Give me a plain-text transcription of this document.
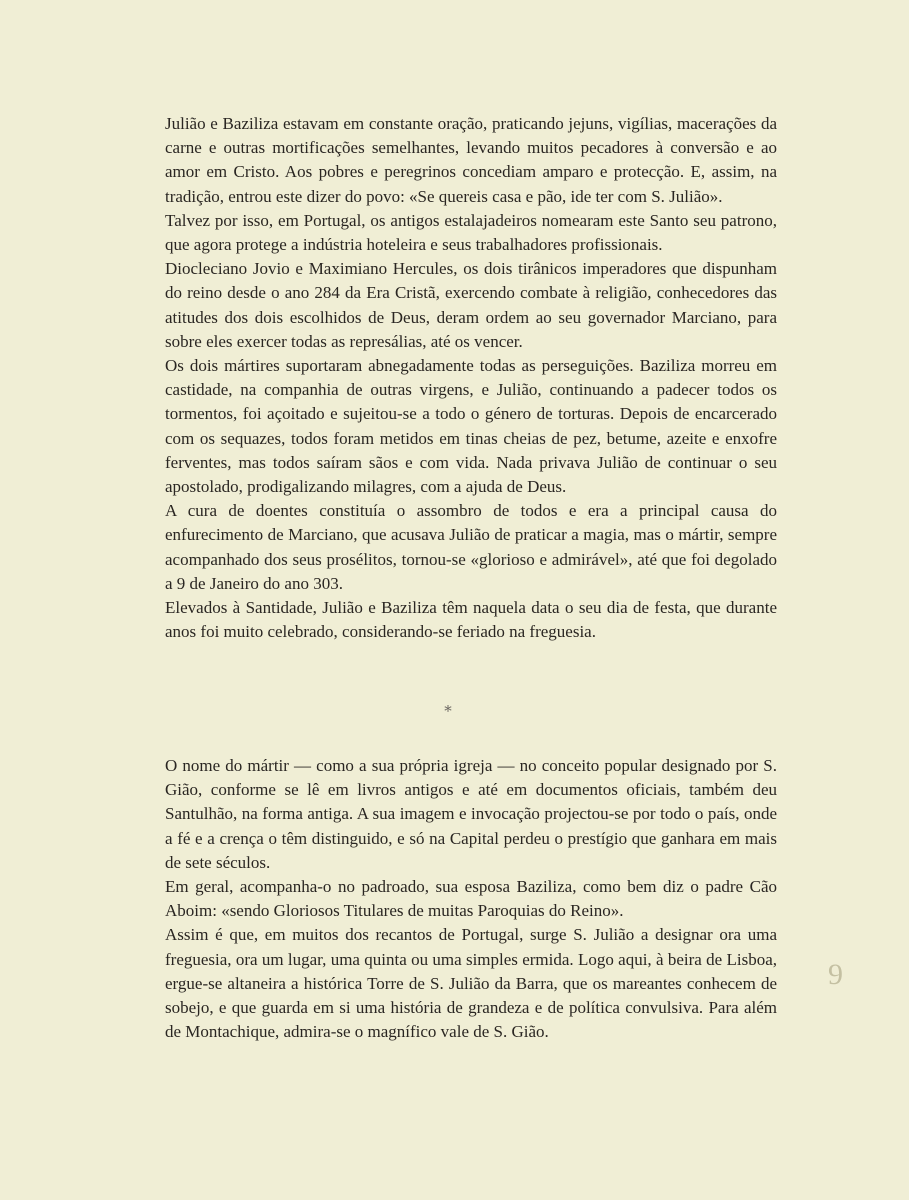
Julião e Baziliza estavam em constante oração, praticando jejuns, vigílias, macerações da carne e outras mortificações semelhantes, levando muitos pecadores à conversão e ao amor em Cristo. Aos pobres e peregrinos concediam amparo e protecção. E, assim, na tradição, entrou este dizer do povo: «Se quereis casa e pão, ide ter com S. Julião».

Talvez por isso, em Portugal, os antigos estalajadeiros nomearam este Santo seu patrono, que agora protege a indústria hoteleira e seus trabalhadores profissionais.

Diocleciano Jovio e Maximiano Hercules, os dois tirânicos imperadores que dispunham do reino desde o ano 284 da Era Cristã, exercendo combate à religião, conhecedores das atitudes dos dois escolhidos de Deus, deram ordem ao seu governador Marciano, para sobre eles exercer todas as represálias, até os vencer.

Os dois mártires suportaram abnegadamente todas as perseguições. Baziliza morreu em castidade, na companhia de outras virgens, e Julião, continuando a padecer todos os tormentos, foi açoitado e sujeitou-se a todo o género de torturas. Depois de encarcerado com os sequazes, todos foram metidos em tinas cheias de pez, betume, azeite e enxofre ferventes, mas todos saíram sãos e com vida. Nada privava Julião de continuar o seu apostolado, prodigalizando milagres, com a ajuda de Deus.

A cura de doentes constituía o assombro de todos e era a principal causa do enfurecimento de Marciano, que acusava Julião de praticar a magia, mas o mártir, sempre acompanhado dos seus prosélitos, tornou-se «glorioso e admirável», até que foi degolado a 9 de Janeiro do ano 303.

Elevados à Santidade, Julião e Baziliza têm naquela data o seu dia de festa, que durante anos foi muito celebrado, considerando-se feriado na freguesia.

*

O nome do mártir — como a sua própria igreja — no conceito popular designado por S. Gião, conforme se lê em livros antigos e até em documentos oficiais, também deu Santulhão, na forma antiga. A sua imagem e invocação projectou-se por todo o país, onde a fé e a crença o têm distinguido, e só na Capital perdeu o prestígio que ganhara em mais de sete séculos.

Em geral, acompanha-o no padroado, sua esposa Baziliza, como bem diz o padre Cão Aboim: «sendo Gloriosos Titulares de muitas Paroquias do Reino».

Assim é que, em muitos dos recantos de Portugal, surge S. Julião a designar ora uma freguesia, ora um lugar, uma quinta ou uma simples ermida. Logo aqui, à beira de Lisboa, ergue-se altaneira a histórica Torre de S. Julião da Barra, que os mareantes conhecem de sobejo, e que guarda em si uma história de grandeza e de política convulsiva. Para além de Montachique, admira-se o magnífico vale de S. Gião.

9
